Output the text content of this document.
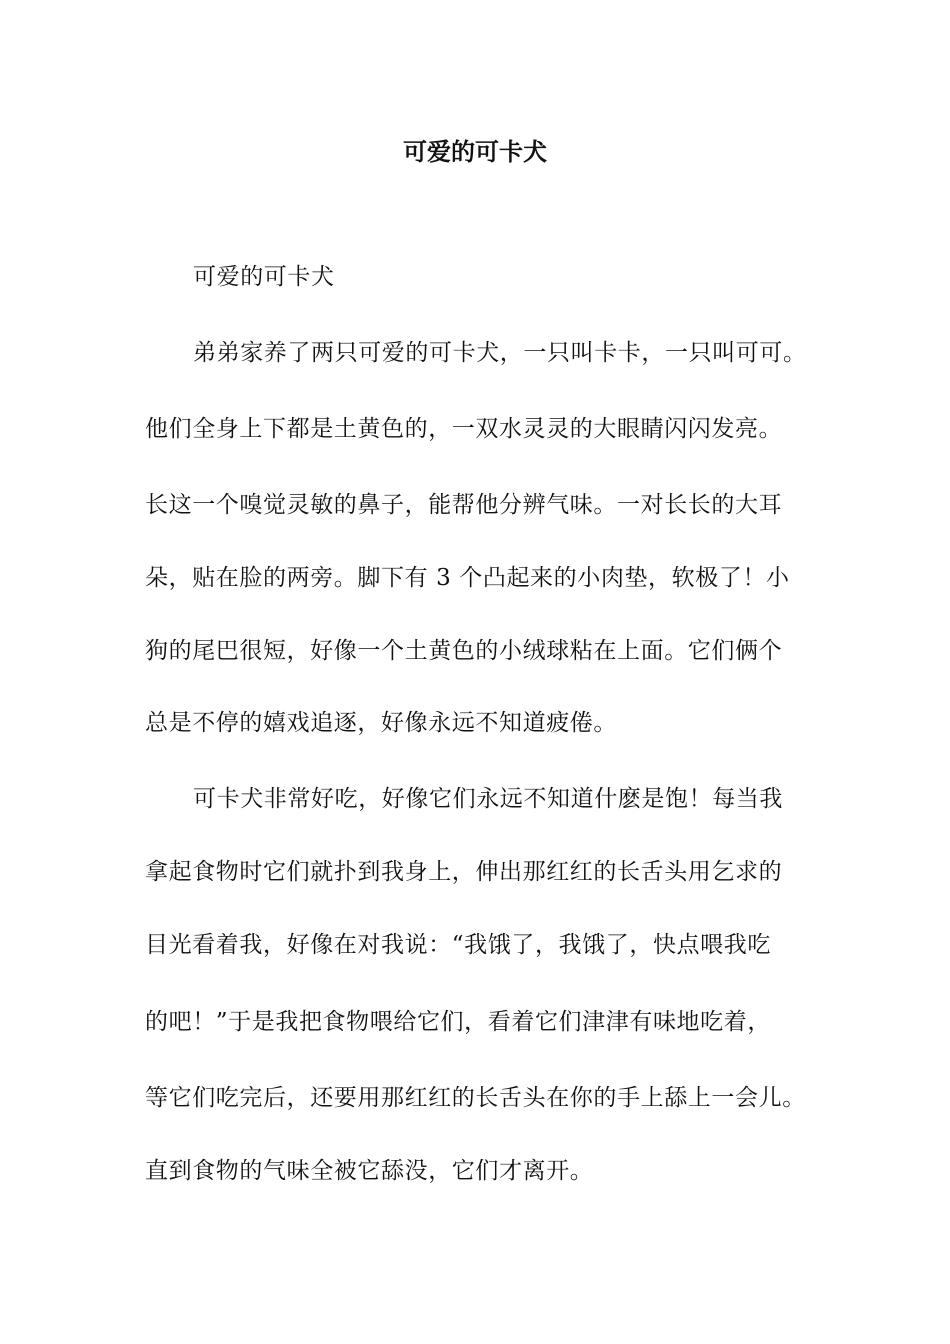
可爱的可卡犬
可爱的可卡犬
弟弟家养了两只可爱的可卡犬，一只叫卡卡，一只叫可可。
他们全身上下都是土黄色的，一双水灵灵的大眼睛闪闪发亮。
长这一个嗅觉灵敏的鼻子，能帮他分辨气味。一对长长的大耳
朵，贴在脸的两旁。脚下有 3 个凸起来的小肉垫，软极了！小
狗的尾巴很短，好像一个土黄色的小绒球粘在上面。它们俩个
总是不停的嬉戏追逐，好像永远不知道疲倦。
可卡犬非常好吃，好像它们永远不知道什麽是饱！每当我
拿起食物时它们就扑到我身上，伸出那红红的长舌头用乞求的
目光看着我，好像在对我说：“我饿了，我饿了，快点喂我吃
的吧！”于是我把食物喂给它们，看着它们津津有味地吃着，
等它们吃完后，还要用那红红的长舌头在你的手上舔上一会儿。
直到食物的气味全被它舔没，它们才离开。
